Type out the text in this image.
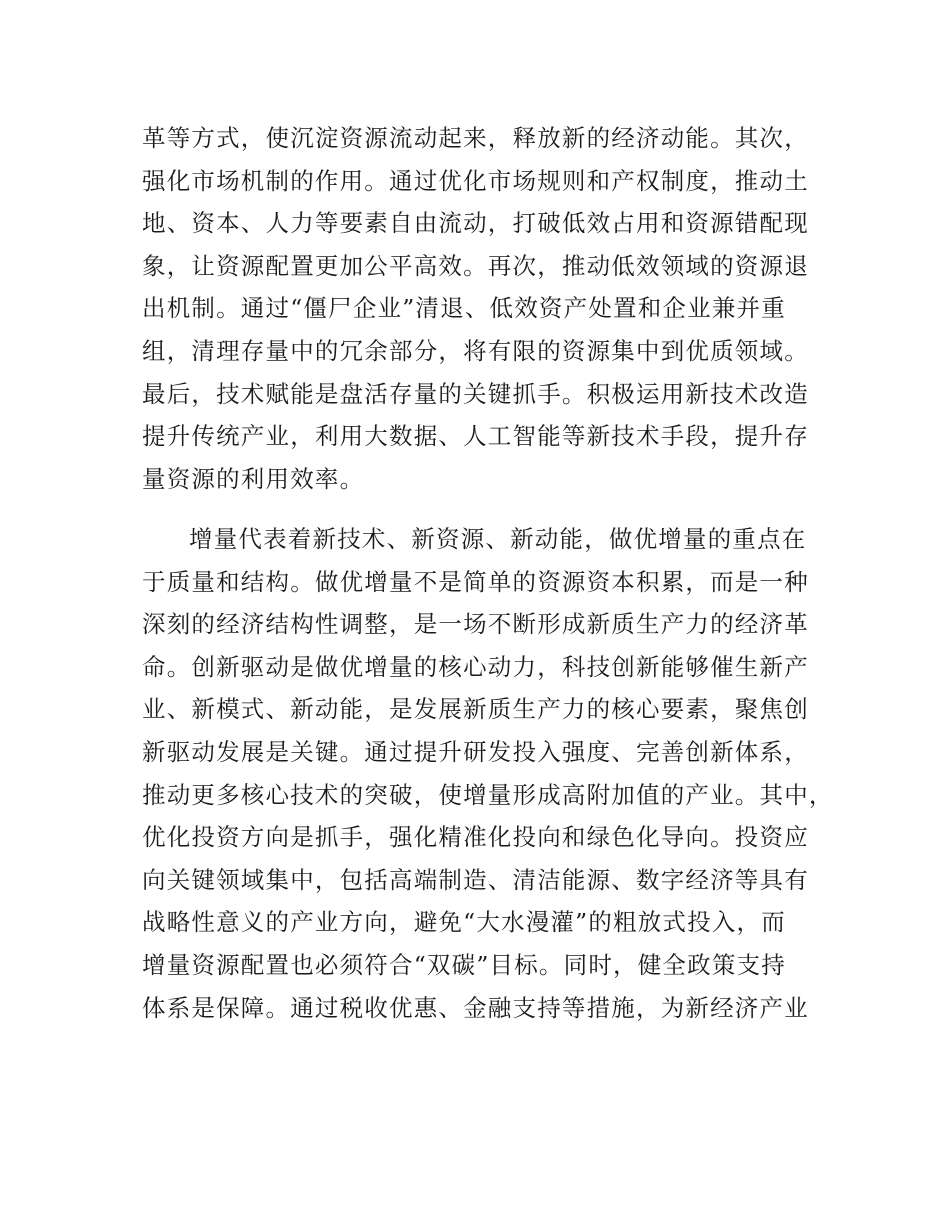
革等方式，使沉淀资源流动起来，释放新的经济动能。其次，
强化市场机制的作用。通过优化市场规则和产权制度，推动土
地、资本、人力等要素自由流动，打破低效占用和资源错配现
象，让资源配置更加公平高效。再次，推动低效领域的资源退
出机制。通过“僵尸企业”清退、低效资产处置和企业兼并重
组，清理存量中的冗余部分，将有限的资源集中到优质领域。
最后，技术赋能是盘活存量的关键抓手。积极运用新技术改造
提升传统产业，利用大数据、人工智能等新技术手段，提升存
量资源的利用效率。
增量代表着新技术、新资源、新动能，做优增量的重点在
于质量和结构。做优增量不是简单的资源资本积累，而是一种
深刻的经济结构性调整，是一场不断形成新质生产力的经济革
命。创新驱动是做优增量的核心动力，科技创新能够催生新产
业、新模式、新动能，是发展新质生产力的核心要素，聚焦创
新驱动发展是关键。通过提升研发投入强度、完善创新体系，
推动更多核心技术的突破，使增量形成高附加值的产业。其中，
优化投资方向是抓手，强化精准化投向和绿色化导向。投资应
向关键领域集中，包括高端制造、清洁能源、数字经济等具有
战略性意义的产业方向，避免“大水漫灌”的粗放式投入，而
增量资源配置也必须符合“双碳”目标。同时，健全政策支持
体系是保障。通过税收优惠、金融支持等措施，为新经济产业
